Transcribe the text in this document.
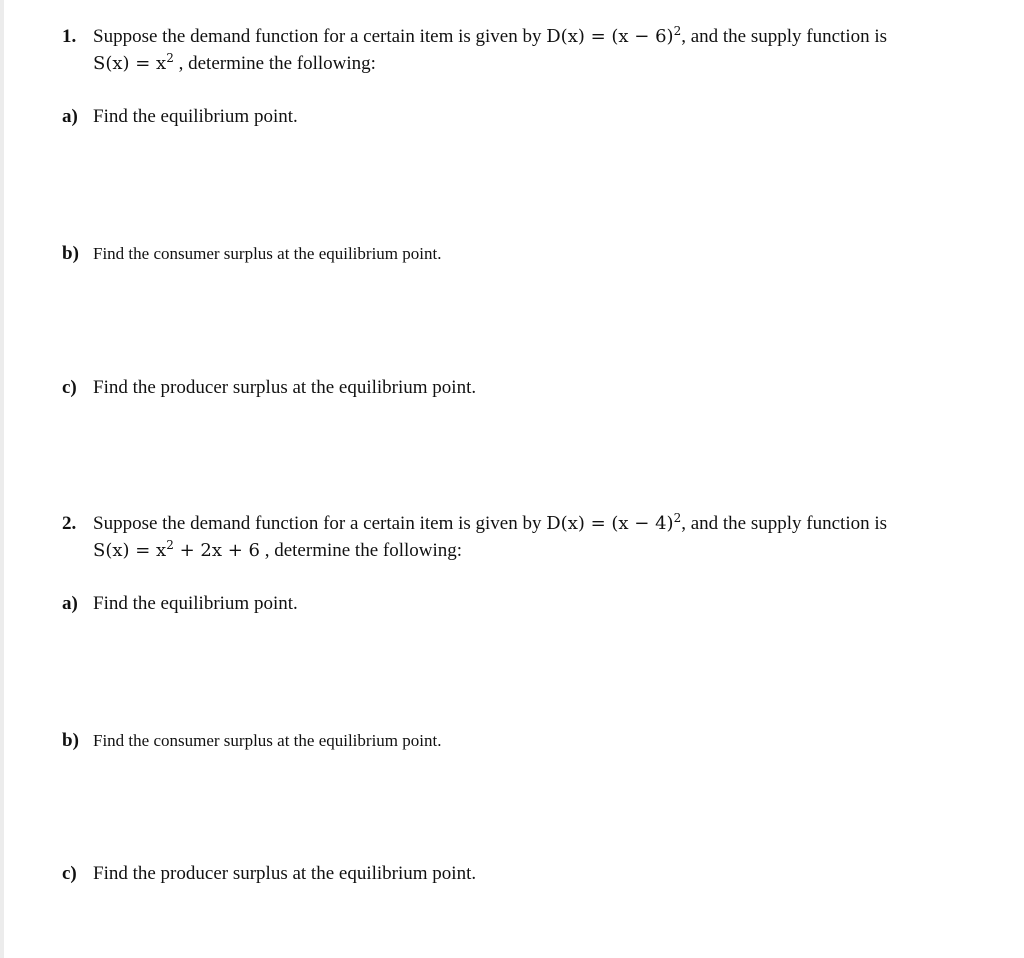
1. Suppose the demand function for a certain item is given by $D(x) = (x - 6)^2$, and the supply function is
$S(x) = x^2$ , determine the following:
a) Find the equilibrium point.
b) Find the consumer surplus at the equilibrium point.
c) Find the producer surplus at the equilibrium point.
2. Suppose the demand function for a certain item is given by $D(x) = (x - 4)^2$, and the supply function is
$S(x) = x^2 + 2x + 6$ , determine the following:
a) Find the equilibrium point.
b) Find the consumer surplus at the equilibrium point.
c) Find the producer surplus at the equilibrium point.
